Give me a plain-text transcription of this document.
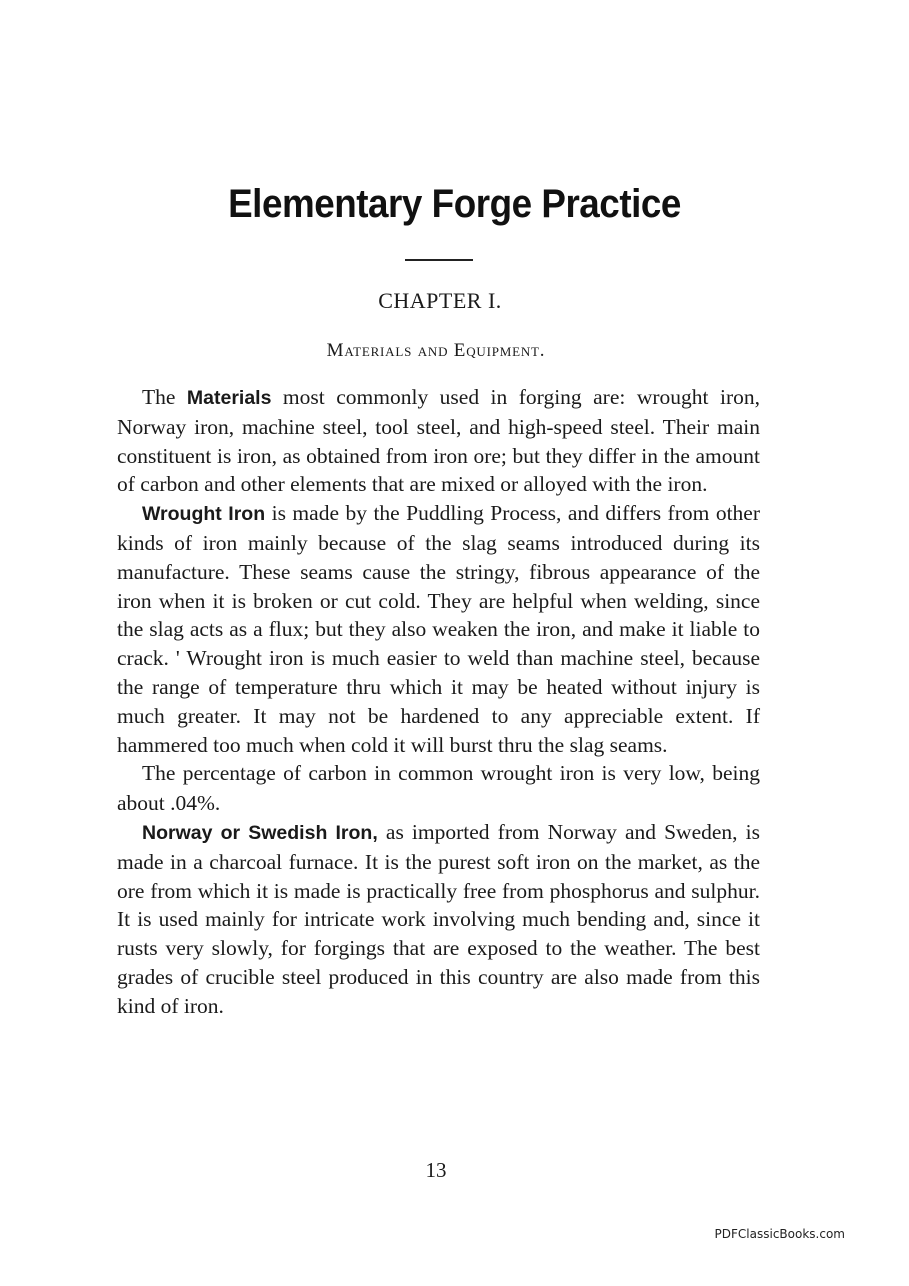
Elementary Forge Practice
CHAPTER I.
Materials and Equipment.

The Materials most commonly used in forging are: wrought iron, Norway iron, machine steel, tool steel, and high-speed steel. Their main constituent is iron, as obtained from iron ore; but they differ in the amount of carbon and other elements that are mixed or alloyed with the iron.

Wrought Iron is made by the Puddling Process, and differs from other kinds of iron mainly because of the slag seams introduced during its manufacture. These seams cause the stringy, fibrous appearance of the iron when it is broken or cut cold. They are helpful when welding, since the slag acts as a flux; but they also weaken the iron, and make it liable to crack. ' Wrought iron is much easier to weld than machine steel, because the range of temperature thru which it may be heated without injury is much greater. It may not be hardened to any appreciable extent. If hammered too much when cold it will burst thru the slag seams.

The percentage of carbon in common wrought iron is very low, being about .04%.

Norway or Swedish Iron, as imported from Norway and Sweden, is made in a charcoal furnace. It is the purest soft iron on the market, as the ore from which it is made is practically free from phosphorus and sulphur. It is used mainly for intricate work involving much bending and, since it rusts very slowly, for forgings that are exposed to the weather. The best grades of crucible steel produced in this country are also made from this kind of iron.

13
PDFClassicBooks.com
